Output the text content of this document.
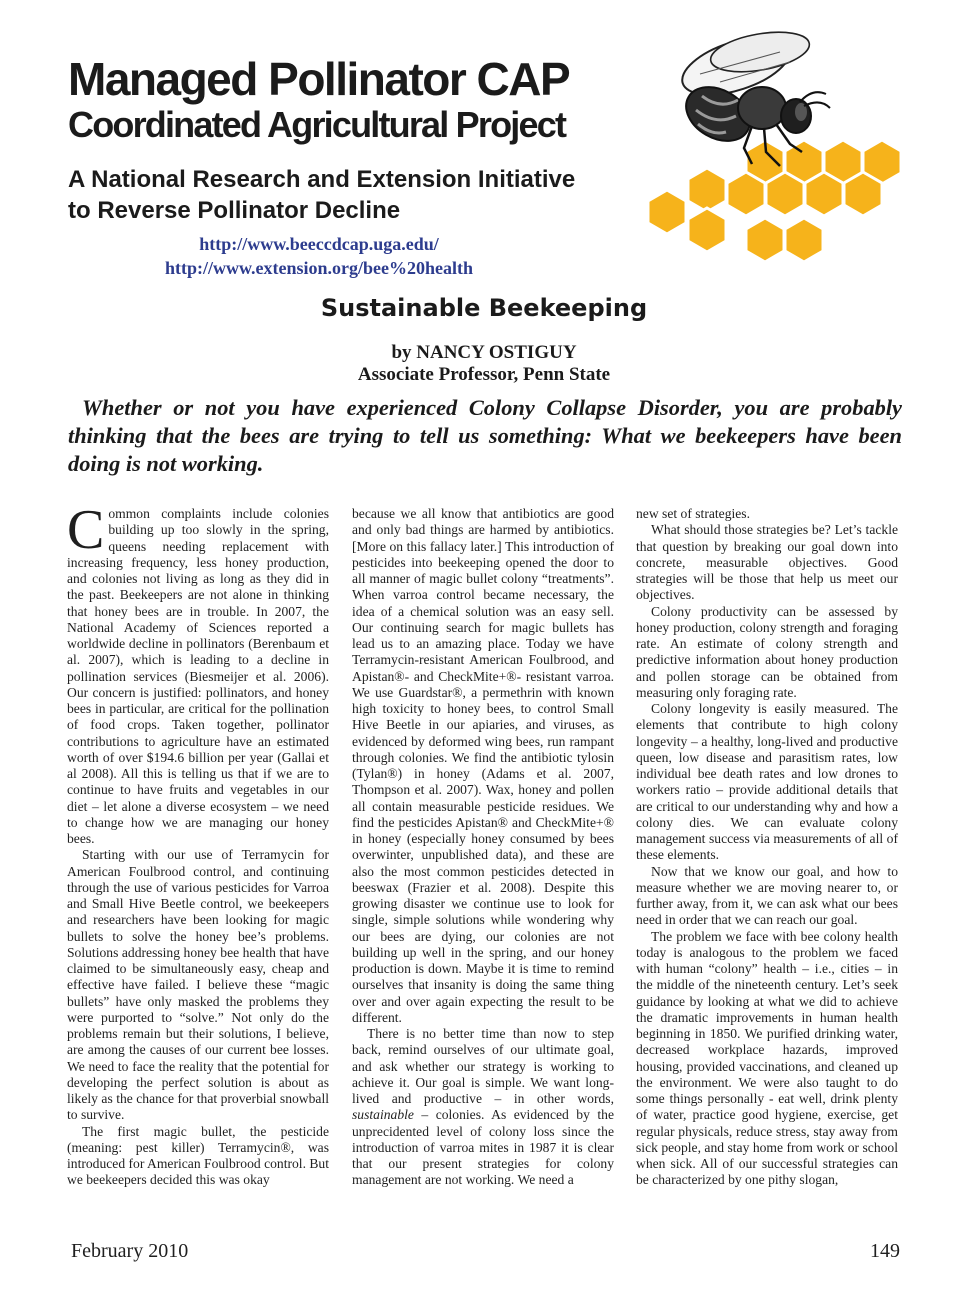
Managed Pollinator CAP
Coordinated Agricultural Project
A National Research and Extension Initiative
to Reverse Pollinator Decline
http://www.beeccdcap.uga.edu/
http://www.extension.org/bee%20health
Sustainable Beekeeping
by NANCY OSTIGUY
Associate Professor, Penn State
Whether or not you have experienced Colony Collapse Disorder, you are probably thinking that the bees are trying to tell us something: What we beekeepers have been doing is not working.

Common complaints include colonies building up too slowly in the spring, queens needing replacement with increasing frequency, less honey production, and colonies not living as long as they did in the past. Beekeepers are not alone in thinking that honey bees are in trouble. In 2007, the National Academy of Sciences reported a worldwide decline in pollinators (Berenbaum et al. 2007), which is leading to a decline in pollination services (Biesmeijer et al. 2006). Our concern is justified: pollinators, and honey bees in particular, are critical for the pollination of food crops. Taken together, pollinator contributions to agriculture have an estimated worth of over $194.6 billion per year (Gallai et al 2008). All this is telling us that if we are to continue to have fruits and vegetables in our diet – let alone a diverse ecosystem – we need to change how we are managing our honey bees.

Starting with our use of Terramycin for American Foulbrood control, and continuing through the use of various pesticides for Varroa and Small Hive Beetle control, we beekeepers and researchers have been looking for magic bullets to solve the honey bee’s problems. Solutions addressing honey bee health that have claimed to be simultaneously easy, cheap and effective have failed. I believe these “magic bullets” have only masked the problems they were purported to “solve.” Not only do the problems remain but their solutions, I believe, are among the causes of our current bee losses. We need to face the reality that the potential for developing the perfect solution is about as likely as the chance for that proverbial snowball to survive.

The first magic bullet, the pesticide (meaning: pest killer) Terramycin®, was introduced for American Foulbrood control. But we beekeepers decided this was okay

because we all know that antibiotics are good and only bad things are harmed by antibiotics. [More on this fallacy later.] This introduction of pesticides into beekeeping opened the door to all manner of magic bullet colony “treatments”. When varroa control became necessary, the idea of a chemical solution was an easy sell. Our continuing search for magic bullets has lead us to an amazing place. Today we have Terramycin-resistant American Foulbrood, and Apistan®- and CheckMite+®- resistant varroa. We use Guardstar®, a permethrin with known high toxicity to honey bees, to control Small Hive Beetle in our apiaries, and viruses, as evidenced by deformed wing bees, run rampant through colonies. We find the antibiotic tylosin (Tylan®) in honey (Adams et al. 2007, Thompson et al. 2007). Wax, honey and pollen all contain measurable pesticide residues. We find the pesticides Apistan® and CheckMite+® in honey (especially honey consumed by bees overwinter, unpublished data), and these are also the most common pesticides detected in beeswax (Frazier et al. 2008). Despite this growing disaster we continue use to look for single, simple solutions while wondering why our bees are dying, our colonies are not building up well in the spring, and our honey production is down. Maybe it is time to remind ourselves that insanity is doing the same thing over and over again expecting the result to be different.

There is no better time than now to step back, remind ourselves of our ultimate goal, and ask whether our strategy is working to achieve it. Our goal is simple. We want long-lived and productive – in other words, sustainable – colonies. As evidenced by the unprecidented level of colony loss since the introduction of varroa mites in 1987 it is clear that our present strategies for colony management are not working. We need a

new set of strategies.

What should those strategies be? Let’s tackle that question by breaking our goal down into concrete, measurable objectives. Good strategies will be those that help us meet our objectives.

Colony productivity can be assessed by honey production, colony strength and foraging rate. An estimate of colony strength and predictive information about honey production and pollen storage can be obtained from measuring only foraging rate.

Colony longevity is easily measured. The elements that contribute to high colony longevity – a healthy, long-lived and productive queen, low disease and parasitism rates, low individual bee death rates and low drones to workers ratio – provide additional details that are critical to our understanding why and how a colony dies. We can evaluate colony management success via measurements of all of these elements.

Now that we know our goal, and how to measure whether we are moving nearer to, or further away, from it, we can ask what our bees need in order that we can reach our goal.

The problem we face with bee colony health today is analogous to the problem we faced with human “colony” health – i.e., cities – in the middle of the nineteenth century. Let’s seek guidance by looking at what we did to achieve the dramatic improvements in human health beginning in 1850. We purified drinking water, decreased workplace hazards, improved housing, provided vaccinations, and cleaned up the environment. We were also taught to do some things personally - eat well, drink plenty of water, practice good hygiene, exercise, get regular physicals, reduce stress, stay away from sick people, and stay home from work or school when sick. All of our successful strategies can be characterized by one pithy slogan,

February 2010	149
